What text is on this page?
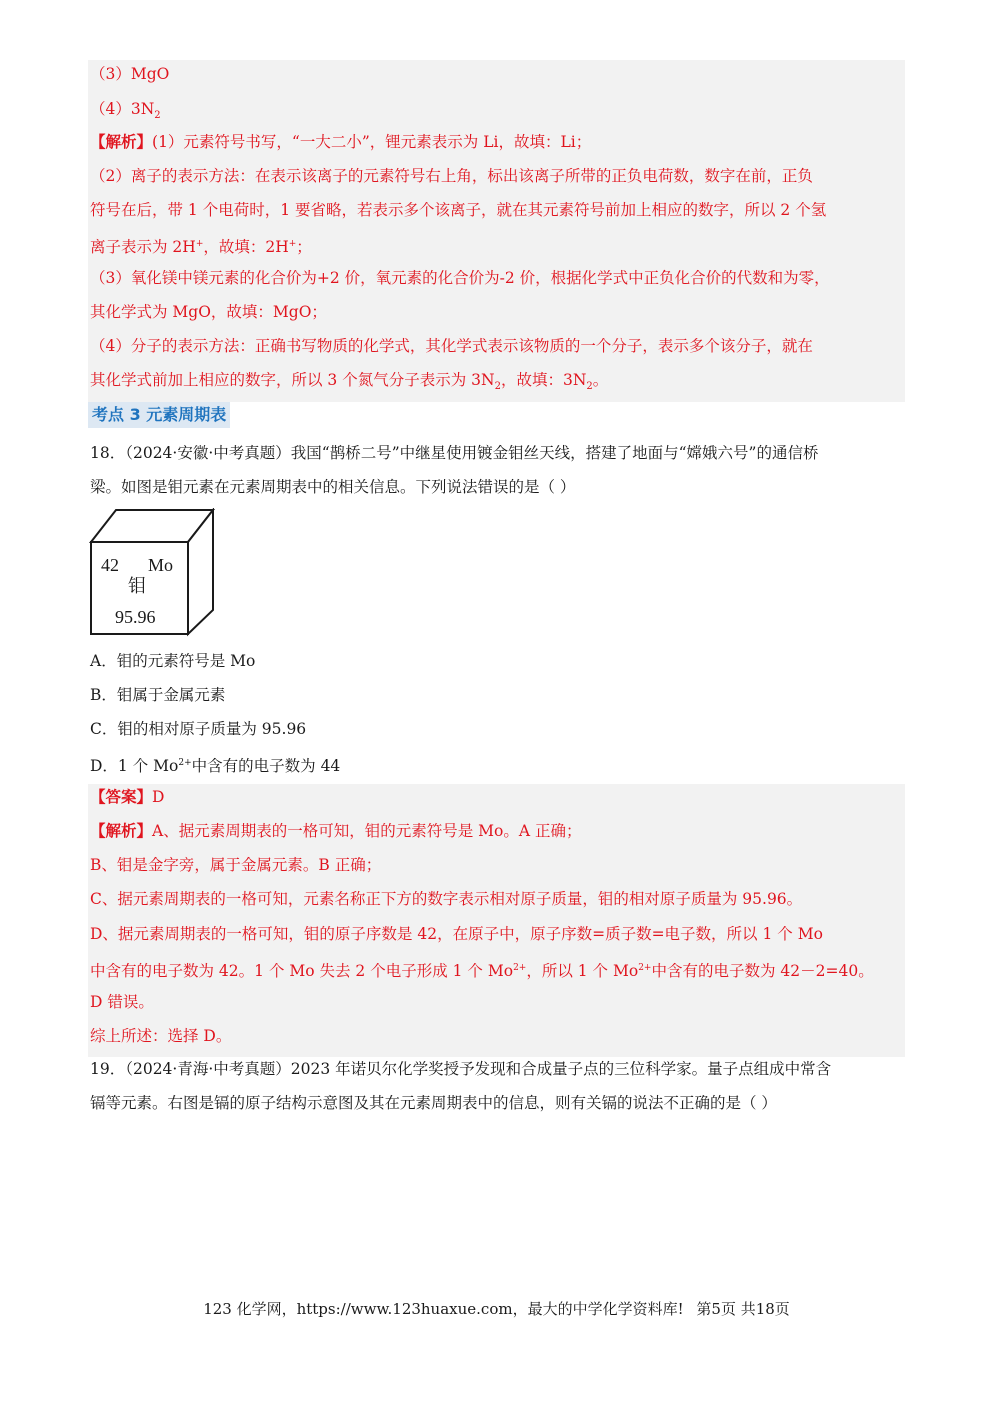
（3）MgO
$(4)3N_2$
【解析】(1）元素符号书写，“一大二小”，锂元素表示为 Li，故填：Li；
（2）离子的表示方法：在表示该离子的元素符号右上角，标出该离子所带的正负电荷数，数字在前，正负
符号在后，带 1 个电荷时，1 要省略，若表示多个该离子，就在其元素符号前加上相应的数字，所以 2 个氢
离子表示为 2H+，故填：2H+；
（3）氧化镁中镁元素的化合价为+2 价，氧元素的化合价为-2 价，根据化学式中正负化合价的代数和为零，
其化学式为 MgO，故填：MgO；
（4）分子的表示方法：正确书写物质的化学式，其化学式表示该物质的一个分子，表示多个该分子，就在
其化学式前加上相应的数字，所以 3 个氮气分子表示为 $3N_2$，故填：$3N_2$。
考点 3 元素周期表
18．（2024·安徽·中考真题）我国“鹊桥二号”中继星使用镀金钼丝天线，搭建了地面与“嫦娥六号”的通信桥
梁。如图是钼元素在元素周期表中的相关信息。下列说法错误的是（ ）
42 Mo
钼
95.96
A．钼的元素符号是 Mo
B．钼属于金属元素
C．钼的相对原子质量为 95.96
D．1 个 $Mo^{2+}$中含有的电子数为 44
【答案】D
【解析】A、据元素周期表的一格可知，钼的元素符号是 Mo。A 正确；
B、钼是金字旁，属于金属元素。B 正确；
C、据元素周期表的一格可知，元素名称正下方的数字表示相对原子质量，钼的相对原子质量为 95.96。
D、据元素周期表的一格可知，钼的原子序数是 42，在原子中，原子序数=质子数=电子数，所以 1 个 Mo
中含有的电子数为 42。1 个 Mo 失去 2 个电子形成 1 个 $Mo^{2+}$，所以 1 个 $Mo^{2+}$中含有的电子数为 42－2=40。
D 错误。
综上所述：选择 D。
19．（2024·青海·中考真题）2023 年诺贝尔化学奖授予发现和合成量子点的三位科学家。量子点组成中常含
镉等元素。右图是镉的原子结构示意图及其在元素周期表中的信息，则有关镉的说法不正确的是（ ）
123 化学网，https://www.123huaxue.com，最大的中学化学资料库! 第5页 共18页
